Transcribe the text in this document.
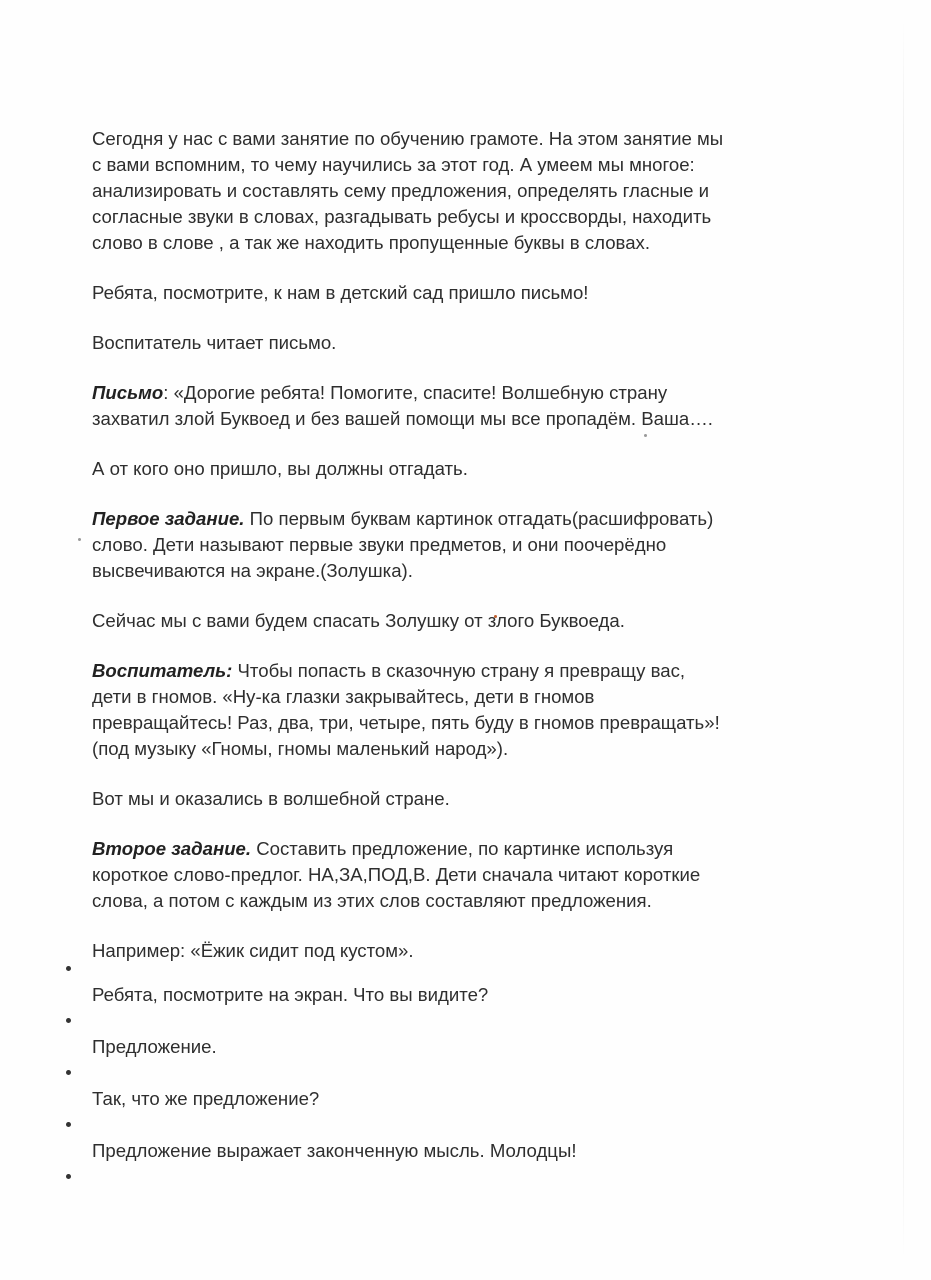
Сегодня у нас с вами занятие по обучению грамоте. На этом занятие мы
с вами вспомним, то чему научились за этот год. А умеем мы многое:
анализировать и составлять сему предложения, определять гласные и
согласные звуки в словах, разгадывать ребусы и кроссворды, находить
слово в слове , а так же находить пропущенные буквы в словах.
Ребята, посмотрите, к нам в детский сад пришло письмо!
Воспитатель читает письмо.
Письмо: «Дорогие ребята! Помогите, спасите! Волшебную страну
захватил злой Буквоед и без вашей помощи мы все пропадём. Ваша….
А от кого оно пришло, вы должны отгадать.
Первое задание. По первым буквам картинок отгадать(расшифровать)
слово. Дети называют первые звуки предметов, и они поочерёдно
высвечиваются на экране.(Золушка).
Сейчас мы с вами будем спасать Золушку от злого Буквоеда.
Воспитатель: Чтобы попасть в сказочную страну я превращу вас,
дети в гномов. «Ну-ка глазки закрывайтесь, дети в гномов
превращайтесь! Раз, два, три, четыре, пять буду в гномов превращать»!
(под музыку «Гномы, гномы маленький народ»).
Вот мы и оказались в волшебной стране.
Второе задание. Составить предложение, по картинке используя
короткое слово-предлог. НА,ЗА,ПОД,В. Дети сначала читают короткие
слова, а потом с каждым из этих слов составляют предложения.
Например: «Ёжик сидит под кустом».
Ребята, посмотрите на экран. Что вы видите?
Предложение.
Так, что же предложение?
Предложение выражает законченную мысль. Молодцы!
